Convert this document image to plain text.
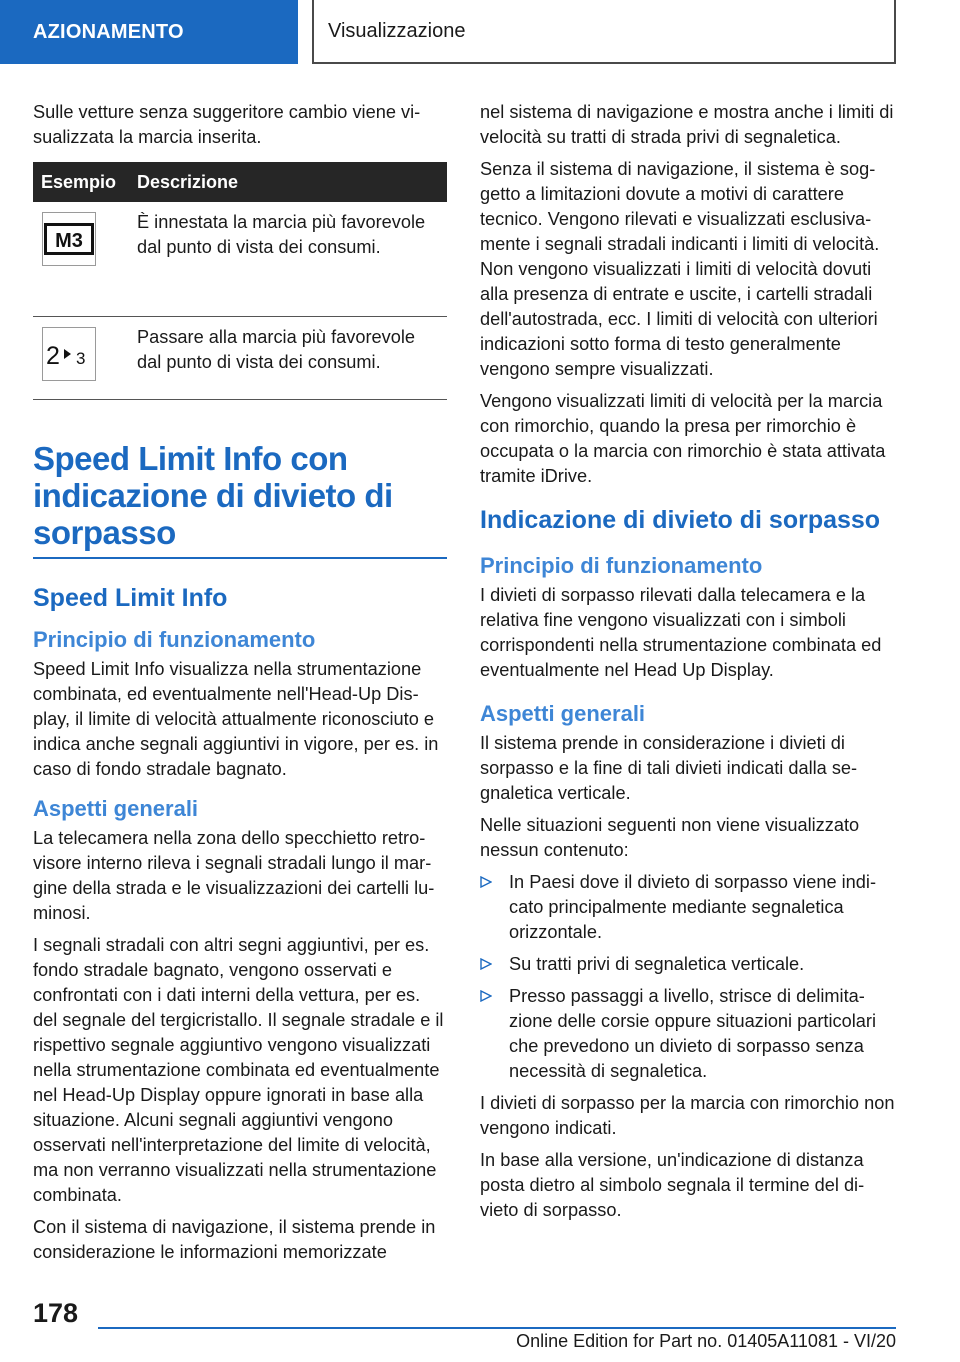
AZIONAMENTO	Visualizzazione

Sulle vetture senza suggeritore cambio viene visualizzata la marcia inserita.

Esempio	Descrizione

M3	È innestata la marcia più favorevole dal punto di vista dei consumi.

2 3	Passare alla marcia più favorevole dal punto di vista dei consumi.
Speed Limit Info con indicazione di divieto di sorpasso
Speed Limit Info
Principio di funzionamento

Speed Limit Info visualizza nella strumentazione combinata, ed eventualmente nell'Head-Up Display, il limite di velocità attualmente riconosciuto e indica anche segnali aggiuntivi in vigore, per es. in caso di fondo stradale bagnato.

Aspetti generali

La telecamera nella zona dello specchietto retrovisore interno rileva i segnali stradali lungo il margine della strada e le visualizzazioni dei cartelli luminosi.

I segnali stradali con altri segni aggiuntivi, per es. fondo stradale bagnato, vengono osservati e confrontati con i dati interni della vettura, per es. del segnale del tergicristallo. Il segnale stradale e il rispettivo segnale aggiuntivo vengono visualizzati nella strumentazione combinata ed eventualmente nel Head-Up Display oppure ignorati in base alla situazione. Alcuni segnali aggiuntivi vengono osservati nell'interpretazione del limite di velocità, ma non verranno visualizzati nella strumentazione combinata.

Con il sistema di navigazione, il sistema prende in considerazione le informazioni memorizzate

nel sistema di navigazione e mostra anche i limiti di velocità su tratti di strada privi di segnaletica.

Senza il sistema di navigazione, il sistema è soggetto a limitazioni dovute a motivi di carattere tecnico. Vengono rilevati e visualizzati esclusivamente i segnali stradali indicanti i limiti di velocità. Non vengono visualizzati i limiti di velocità dovuti alla presenza di entrate e uscite, i cartelli stradali dell'autostrada, ecc. I limiti di velocità con ulteriori indicazioni sotto forma di testo generalmente vengono sempre visualizzati.

Vengono visualizzati limiti di velocità per la marcia con rimorchio, quando la presa per rimorchio è occupata o la marcia con rimorchio è stata attivata tramite iDrive.

Indicazione di divieto di sorpasso
Principio di funzionamento

I divieti di sorpasso rilevati dalla telecamera e la relativa fine vengono visualizzati con i simboli corrispondenti nella strumentazione combinata ed eventualmente nel Head Up Display.

Aspetti generali

Il sistema prende in considerazione i divieti di sorpasso e la fine di tali divieti indicati dalla segnaletica verticale.

Nelle situazioni seguenti non viene visualizzato nessun contenuto:

In Paesi dove il divieto di sorpasso viene indicato principalmente mediante segnaletica orizzontale.
Su tratti privi di segnaletica verticale.
Presso passaggi a livello, strisce di delimitazione delle corsie oppure situazioni particolari che prevedono un divieto di sorpasso senza necessità di segnaletica.

I divieti di sorpasso per la marcia con rimorchio non vengono indicati.

In base alla versione, un'indicazione di distanza posta dietro al simbolo segnala il termine del divieto di sorpasso.

178
Online Edition for Part no. 01405A11081 - VI/20
